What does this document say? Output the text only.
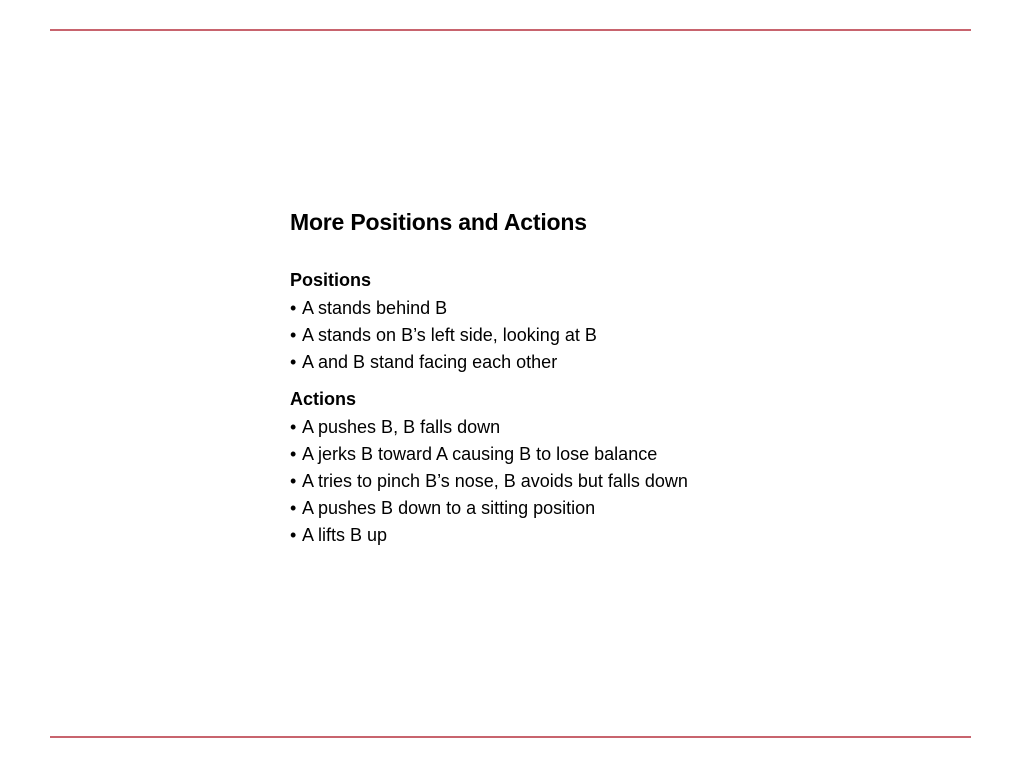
More Positions and Actions
Positions
• A stands behind B
• A stands on B’s left side, looking at B
• A and B stand facing each other
Actions
• A pushes B, B falls down
• A jerks B toward A causing B to lose balance
• A tries to pinch B’s nose, B avoids but falls down
• A pushes B down to a sitting position
• A lifts B up
